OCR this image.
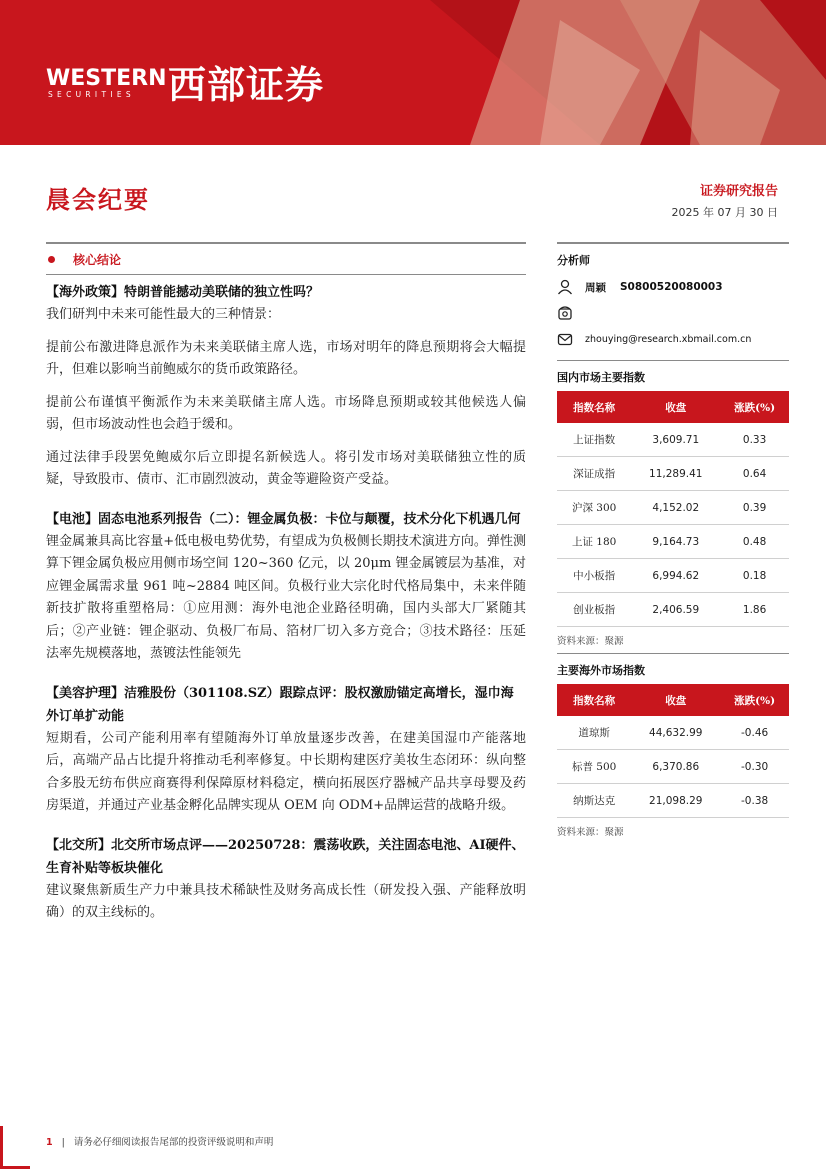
WESTERN
SECURITIES 西部证券
晨会纪要	证券研究报告
2025 年 07 月 30 日
核心结论
【海外政策】特朗普能撼动美联储的独立性吗？

我们研判中未来可能性最大的三种情景：

提前公布激进降息派作为未来美联储主席人选，市场对明年的降息预期将会大幅提升，但难以影响当前鲍威尔的货币政策路径。

提前公布谨慎平衡派作为未来美联储主席人选。市场降息预期或较其他候选人偏弱，但市场波动性也会趋于缓和。

通过法律手段罢免鲍威尔后立即提名新候选人。将引发市场对美联储独立性的质疑，导致股市、债市、汇市剧烈波动，黄金等避险资产受益。

【电池】固态电池系列报告（二）：锂金属负极：卡位与颠覆，技术分化下机遇几何

锂金属兼具高比容量+低电极电势优势，有望成为负极侧长期技术演进方向。弹性测算下锂金属负极应用侧市场空间 120~360 亿元，以 20μm 锂金属镀层为基准，对应锂金属需求量 961 吨~2884 吨区间。负极行业大宗化时代格局集中，未来伴随新技扩散将重塑格局：①应用测：海外电池企业路径明确，国内头部大厂紧随其后；②产业链：锂企驱动、负极厂布局、箔材厂切入多方竞合；③技术路径：压延法率先规模落地，蒸镀法性能领先

【美容护理】洁雅股份（301108.SZ）跟踪点评：股权激励锚定高增长，湿巾海外订单扩动能

短期看，公司产能利用率有望随海外订单放量逐步改善，在建美国湿巾产能落地后，高端产品占比提升将推动毛利率修复。中长期构建医疗美妆生态闭环：纵向整合多股无纺布供应商赛得利保障原材料稳定，横向拓展医疗器械产品共享母婴及药房渠道，并通过产业基金孵化品牌实现从 OEM 向 ODM+品牌运营的战略升级。

【北交所】北交所市场点评——20250728：震荡收跌，关注固态电池、AI硬件、生育补贴等板块催化

建议聚焦新质生产力中兼具技术稀缺性及财务高成长性（研发投入强、产能释放明确）的双主线标的。

分析师
周颖 S0800520080003
zhouying@research.xbmail.com.cn
国内市场主要指数
指数名称	收盘	涨跌(%)
上证指数	3,609.71	0.33
深证成指	11,289.41	0.64
沪深 300	4,152.02	0.39
上证 180	9,164.73	0.48
中小板指	6,994.62	0.18
创业板指	2,406.59	1.86
资料来源：聚源
主要海外市场指数
指数名称	收盘	涨跌(%)
道琼斯	44,632.99	-0.46
标普 500	6,370.86	-0.30
纳斯达克	21,098.29	-0.38
资料来源：聚源
1 | 请务必仔细阅读报告尾部的投资评级说明和声明
